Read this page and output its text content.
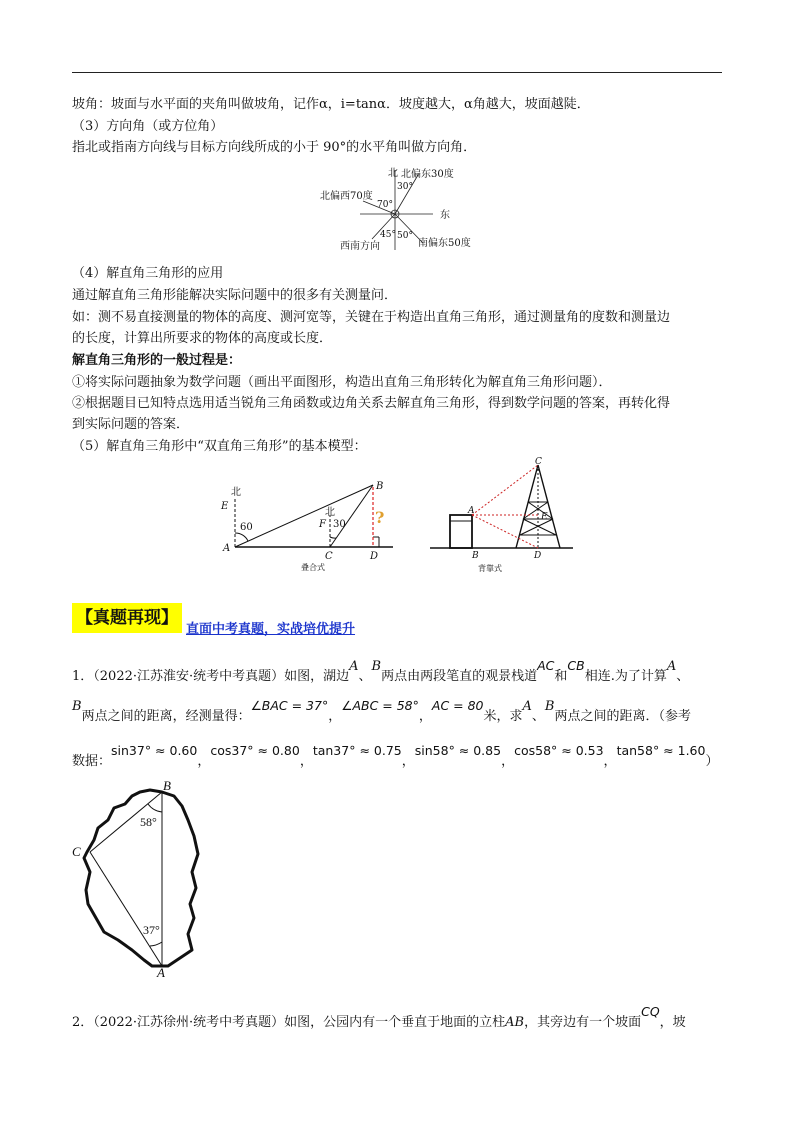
坡角：坡面与水平面的夹角叫做坡角，记作α，i=tanα．坡度越大，α角越大，坡面越陡．
（3）方向角（或方位角）
指北或指南方向线与目标方向线所成的小于 90°的水平角叫做方向角．
北
东
北偏东30度
北偏西70度
西南方向	南偏东50度
30°
70°
45° 50°
（4）解直角三角形的应用
通过解直角三角形能解决实际问题中的很多有关测量问．
如：测不易直接测量的物体的高度、测河宽等，关键在于构造出直角三角形，通过测量角的度数和测量边
的长度，计算出所要求的物体的高度或长度．
解直角三角形的一般过程是：
①将实际问题抽象为数学问题（画出平面图形，构造出直角三角形转化为解直角三角形问题）．
②根据题目已知特点选用适当锐角三角函数或边角关系去解直角三角形，得到数学问题的答案，再转化得
到实际问题的答案．
（5）解直角三角形中“双直角三角形”的基本模型：
北
E
60
A
C	D
B
F
北
30 ?
叠合式
C
A
E
B	D
背靠式
【真题再现】
直面中考真题，实战培优提升
1．（2022·江苏淮安·统考中考真题）如图，湖边A、B两点由两段笔直的观景栈道AC和CB相连.为了计算A、
B两点之间的距离，经测量得：∠BAC = 37°，∠ABC = 58°，AC = 80米，求A、B两点之间的距离．（参考
数据：sin37° ≈ 0.60，cos37° ≈ 0.80，tan37° ≈ 0.75，sin58° ≈ 0.85，cos58° ≈ 0.53，tan58° ≈ 1.60）
B
C
A
58°
37°
2．（2022·江苏徐州·统考中考真题）如图，公园内有一个垂直于地面的立柱AB，其旁边有一个坡面CQ，坡
